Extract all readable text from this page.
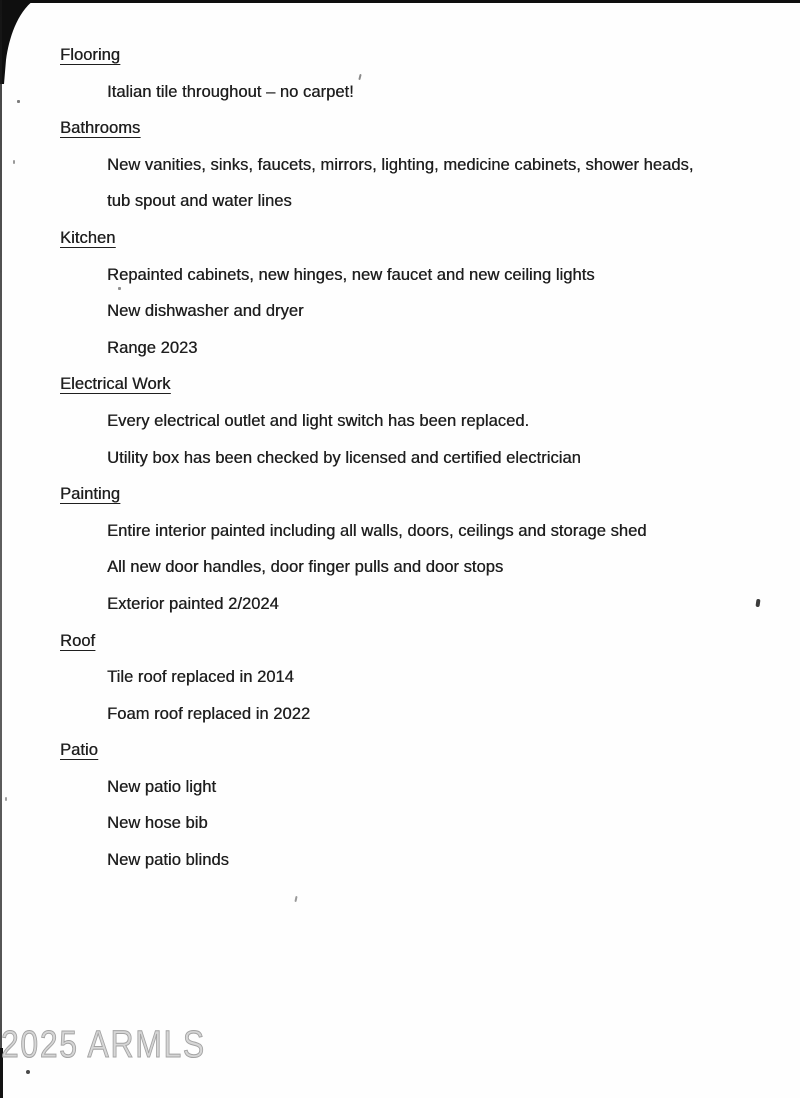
Flooring
Italian tile throughout – no carpet!
Bathrooms
New vanities, sinks, faucets, mirrors, lighting, medicine cabinets, shower heads,
tub spout and water lines
Kitchen
Repainted cabinets, new hinges, new faucet and new ceiling lights
New dishwasher and dryer
Range 2023
Electrical Work
Every electrical outlet and light switch has been replaced.
Utility box has been checked by licensed and certified electrician
Painting
Entire interior painted including all walls, doors, ceilings and storage shed
All new door handles, door finger pulls and door stops
Exterior painted 2/2024
Roof
Tile roof replaced in 2014
Foam roof replaced in 2022
Patio
New patio light
New hose bib
New patio blinds
2025 ARMLS
